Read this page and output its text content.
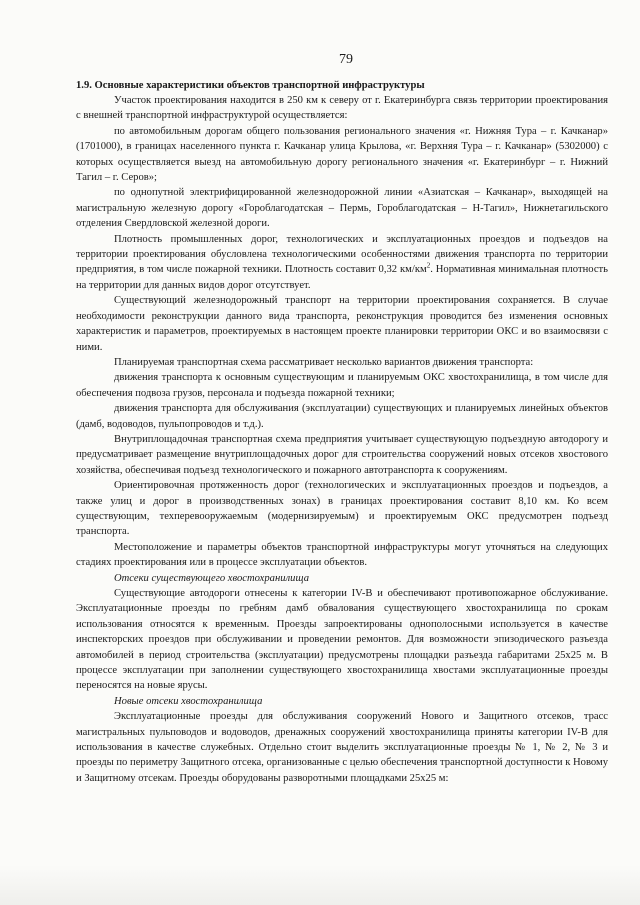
79
1.9. Основные характеристики объектов транспортной инфраструктуры

Участок проектирования находится в 250 км к северу от г. Екатеринбурга связь территории проектирования с внешней транспортной инфраструктурой осуществляется:

по автомобильным дорогам общего пользования регионального значения «г. Нижняя Тура – г. Качканар» (1701000), в границах населенного пункта г. Качканар улица Крылова, «г. Верхняя Тура – г. Качканар» (5302000) с которых осуществляется выезд на автомобильную дорогу регионального значения «г. Екатеринбург – г. Нижний Тагил – г. Серов»;

по однопутной электрифицированной железнодорожной линии «Азиатская – Качканар», выходящей на магистральную железную дорогу «Гороблагодатская – Пермь, Гороблагодатская – Н-Тагил», Нижнетагильского отделения Свердловской железной дороги.

Плотность промышленных дорог, технологических и эксплуатационных проездов и подъездов на территории проектирования обусловлена технологическими особенностями движения транспорта по территории предприятия, в том числе пожарной техники. Плотность составит 0,32 $км/км^2$. Нормативная минимальная плотность на территории для данных видов дорог отсутствует.

Существующий железнодорожный транспорт на территории проектирования сохраняется. В случае необходимости реконструкции данного вида транспорта, реконструкция проводится без изменения основных характеристик и параметров, проектируемых в настоящем проекте планировки территории ОКС и во взаимосвязи с ними.

Планируемая транспортная схема рассматривает несколько вариантов движения транспорта:

движения транспорта к основным существующим и планируемым ОКС хвостохранилища, в том числе для обеспечения подвоза грузов, персонала и подъезда пожарной техники;

движения транспорта для обслуживания (эксплуатации) существующих и планируемых линейных объектов (дамб, водоводов, пульпопроводов и т.д.).

Внутриплощадочная транспортная схема предприятия учитывает существующую подъездную автодорогу и предусматривает размещение внутриплощадочных дорог для строительства сооружений новых отсеков хвостового хозяйства, обеспечивая подъезд технологического и пожарного автотранспорта к сооружениям.

Ориентировочная протяженность дорог (технологических и эксплуатационных проездов и подъездов, а также улиц и дорог в производственных зонах) в границах проектирования составит 8,10 км. Ко всем существующим, техперевооружаемым (модернизируемым) и проектируемым ОКС предусмотрен подъезд транспорта.

Местоположение и параметры объектов транспортной инфраструктуры могут уточняться на следующих стадиях проектирования или в процессе эксплуатации объектов.

Отсеки существующего хвостохранилища

Существующие автодороги отнесены к категории IV-В и обеспечивают противопожарное обслуживание. Эксплуатационные проезды по гребням дамб обвалования существующего хвостохранилища по срокам использования относятся к временным. Проезды запроектированы однополосными используется в качестве инспекторских проездов при обслуживании и проведении ремонтов. Для возможности эпизодического разъезда автомобилей в период строительства (эксплуатации) предусмотрены площадки разъезда габаритами 25х25 м. В процессе эксплуатации при заполнении существующего хвостохранилища хвостами эксплуатационные проезды переносятся на новые ярусы.

Новые отсеки хвостохранилища

Эксплуатационные проезды для обслуживания сооружений Нового и Защитного отсеков, трасс магистральных пульповодов и водоводов, дренажных сооружений хвостохранилища приняты категории IV-В для использования в качестве служебных. Отдельно стоит выделить эксплуатационные проезды № 1, № 2, № 3 и проезды по периметру Защитного отсека, организованные с целью обеспечения транспортной доступности к Новому и Защитному отсекам. Проезды оборудованы разворотными площадками 25х25 м:
